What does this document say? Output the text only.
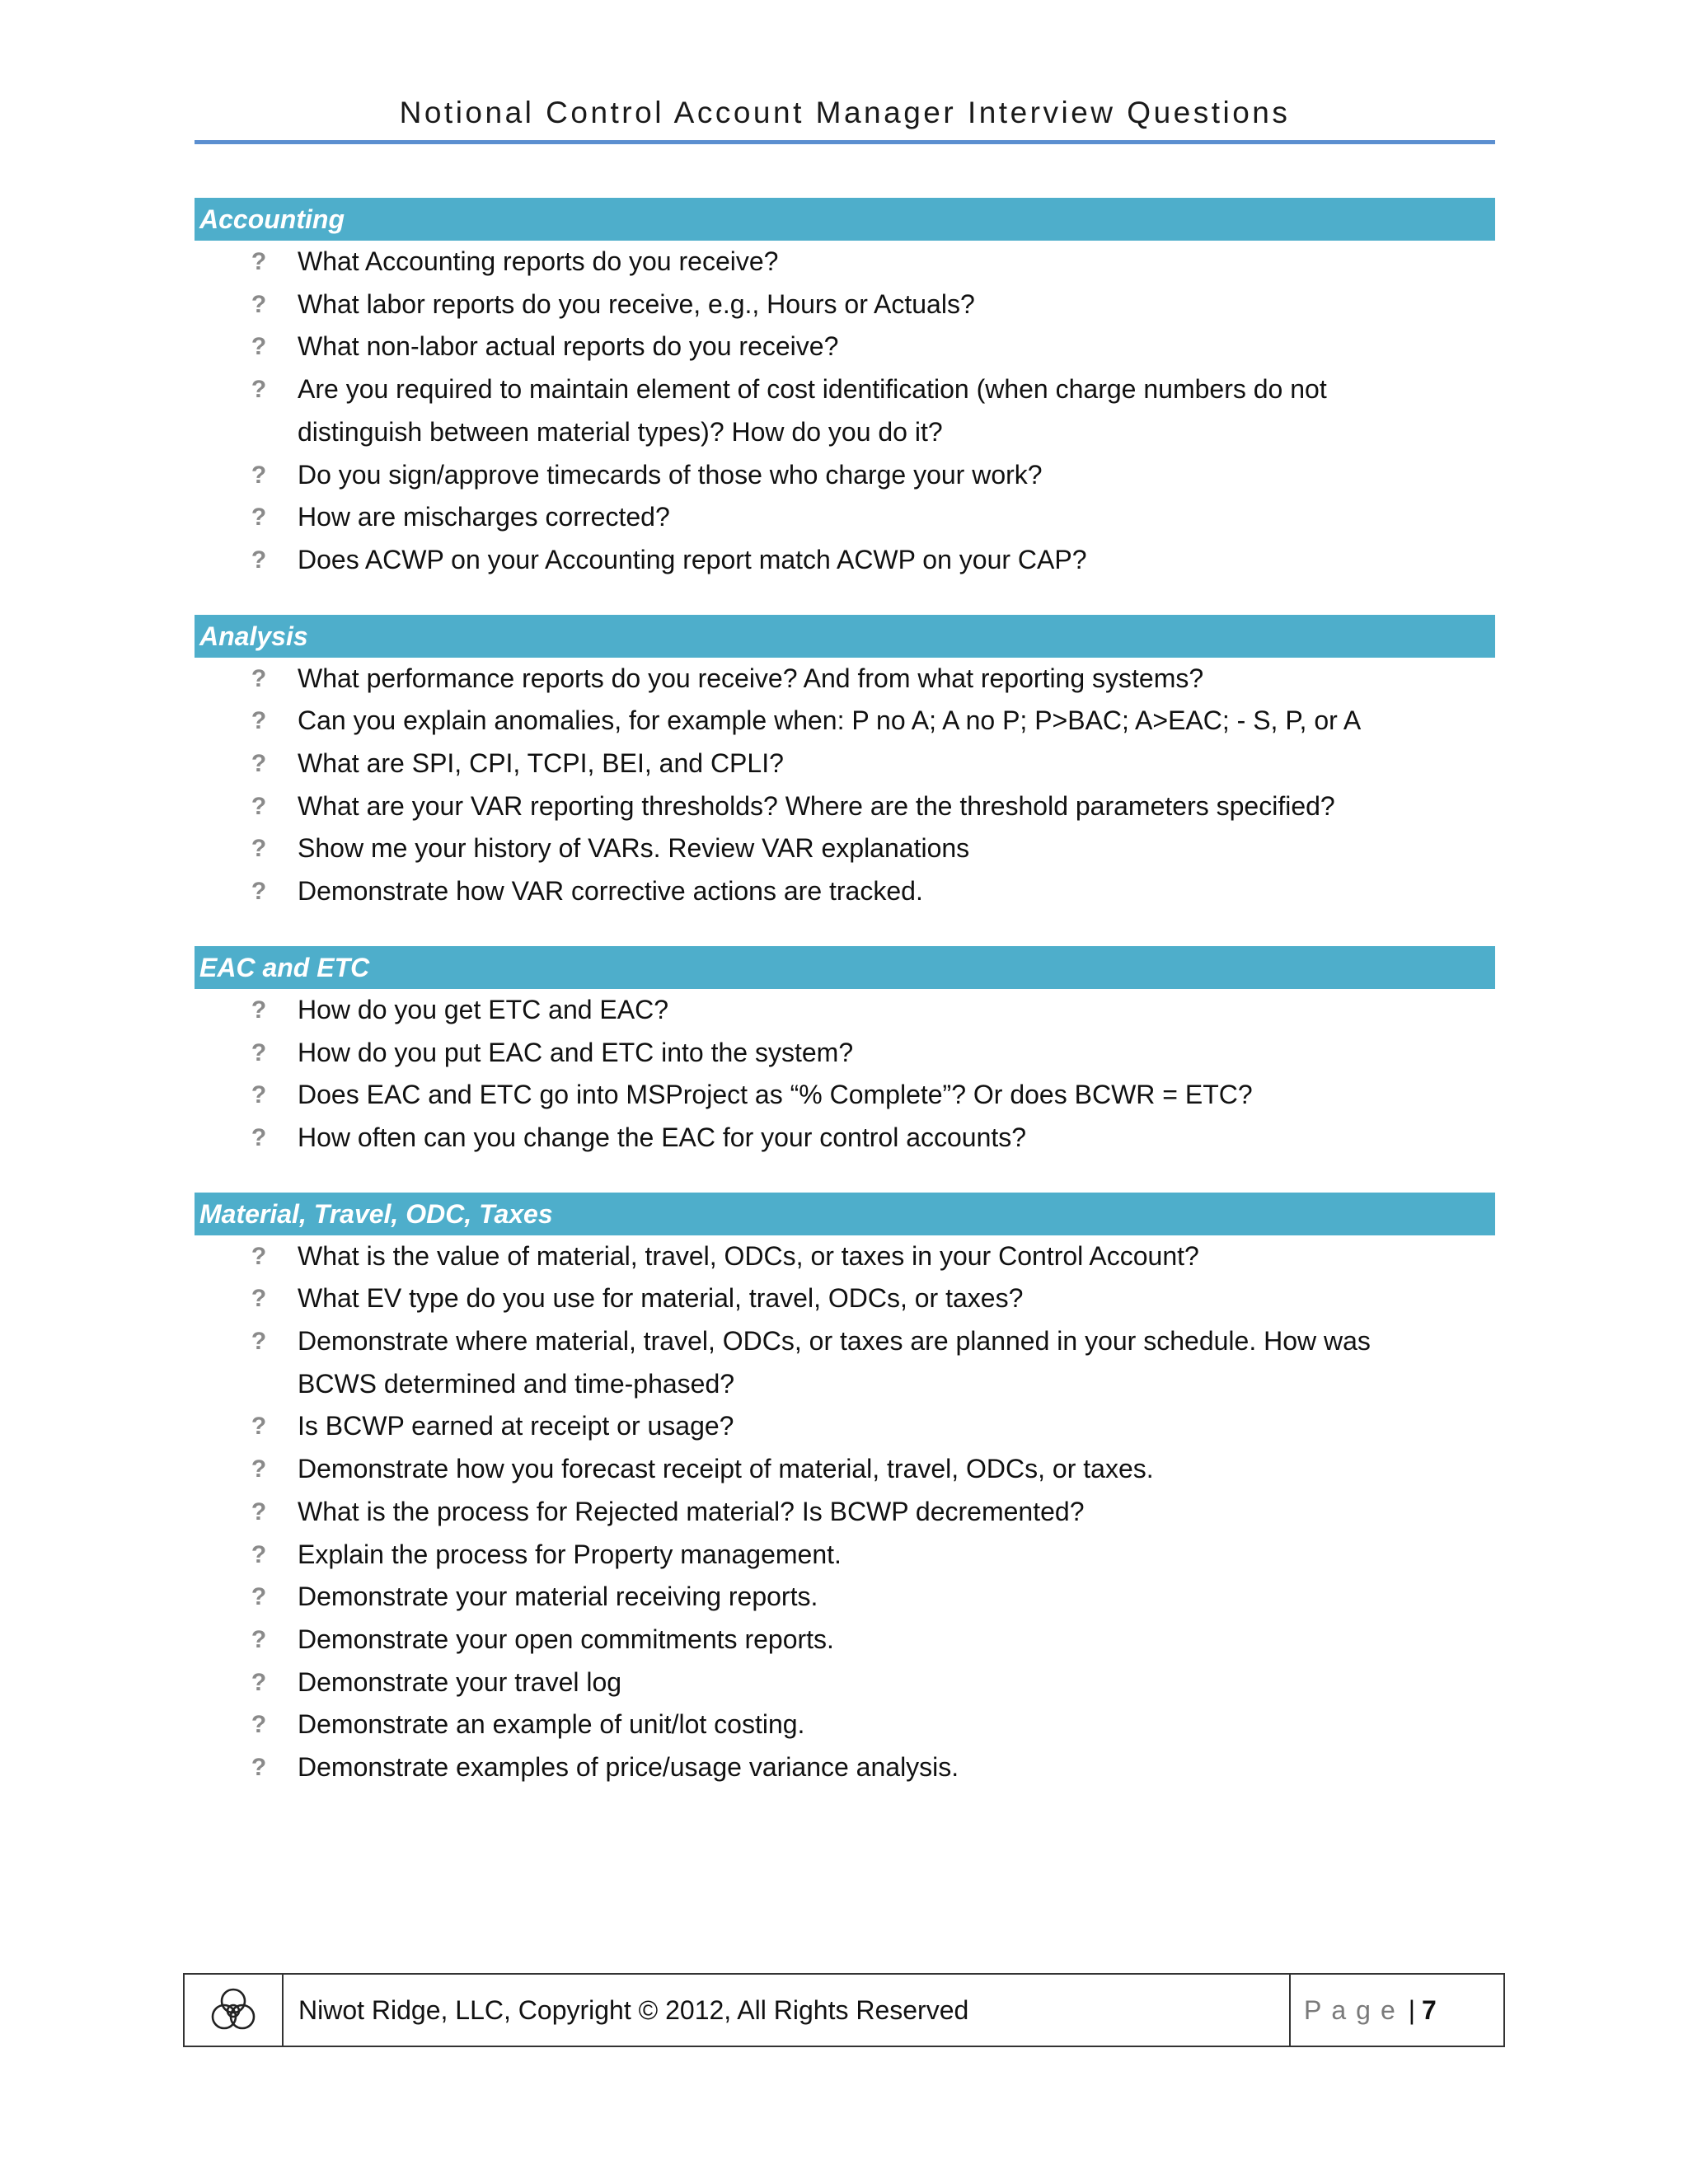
Notional Control Account Manager Interview Questions
Accounting
? What Accounting reports do you receive?
? What labor reports do you receive, e.g., Hours or Actuals?
? What non-labor actual reports do you receive?
? Are you required to maintain element of cost identification (when charge numbers do not distinguish between material types)? How do you do it?
? Do you sign/approve timecards of those who charge your work?
? How are mischarges corrected?
? Does ACWP on your Accounting report match ACWP on your CAP?
Analysis
? What performance reports do you receive? And from what reporting systems?
? Can you explain anomalies, for example when: P no A; A no P; P>BAC; A>EAC; - S, P, or A
? What are SPI, CPI, TCPI, BEI, and CPLI?
? What are your VAR reporting thresholds? Where are the threshold parameters specified?
? Show me your history of VARs. Review VAR explanations
? Demonstrate how VAR corrective actions are tracked.
EAC and ETC
? How do you get ETC and EAC?
? How do you put EAC and ETC into the system?
? Does EAC and ETC go into MSProject as “% Complete”? Or does BCWR = ETC?
? How often can you change the EAC for your control accounts?
Material, Travel, ODC, Taxes
? What is the value of material, travel, ODCs, or taxes in your Control Account?
? What EV type do you use for material, travel, ODCs, or taxes?
? Demonstrate where material, travel, ODCs, or taxes are planned in your schedule. How was BCWS determined and time-phased?
? Is BCWP earned at receipt or usage?
? Demonstrate how you forecast receipt of material, travel, ODCs, or taxes.
? What is the process for Rejected material? Is BCWP decremented?
? Explain the process for Property management.
? Demonstrate your material receiving reports.
? Demonstrate your open commitments reports.
? Demonstrate your travel log
? Demonstrate an example of unit/lot costing.
? Demonstrate examples of price/usage variance analysis.
Niwot Ridge, LLC, Copyright © 2012, All Rights Reserved	Page | 7
